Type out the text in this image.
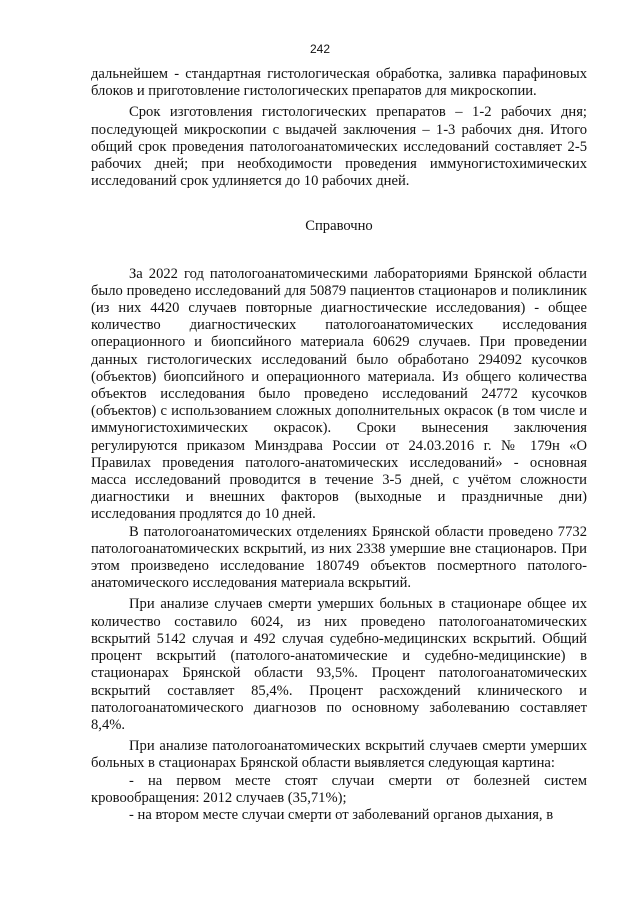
242

дальнейшем - стандартная гистологическая обработка, заливка парафиновых блоков и приготовление гистологических препаратов для микроскопии.

Срок изготовления гистологических препаратов – 1-2 рабочих дня; последующей микроскопии с выдачей заключения – 1-3 рабочих дня. Итого общий срок проведения патологоанатомических исследований составляет 2-5 рабочих дней; при необходимости проведения иммуногистохимических исследований срок удлиняется до 10 рабочих дней.

Справочно

За 2022 год патологоанатомическими лабораториями Брянской области было проведено исследований для 50879 пациентов стационаров и поликлиник (из них 4420 случаев повторные диагностические исследования) - общее количество диагностических патологоанатомических исследования операционного и биопсийного материала 60629 случаев. При проведении данных гистологических исследований было обработано 294092 кусочков (объектов) биопсийного и операционного материала. Из общего количества объектов исследования было проведено исследований 24772 кусочков (объектов) с использованием сложных дополнительных окрасок (в том числе и иммуногистохимических окрасок). Сроки вынесения заключения регулируются приказом Минздрава России от 24.03.2016 г. № 179н «О Правилах проведения патолого-анатомических исследований» - основная масса исследований проводится в течение 3-5 дней, с учётом сложности диагностики и внешних факторов (выходные и праздничные дни) исследования продлятся до 10 дней.

В патологоанатомических отделениях Брянской области проведено 7732 патологоанатомических вскрытий, из них 2338 умершие вне стационаров. При этом произведено исследование 180749 объектов посмертного патолого-анатомического исследования материала вскрытий.

При анализе случаев смерти умерших больных в стационаре общее их количество составило 6024, из них проведено патологоанатомических вскрытий 5142 случая и 492 случая судебно-медицинских вскрытий. Общий процент вскрытий (патолого-анатомические и судебно-медицинские) в стационарах Брянской области 93,5%. Процент патологоанатомических вскрытий составляет 85,4%. Процент расхождений клинического и патологоанатомического диагнозов по основному заболеванию составляет 8,4%.

При анализе патологоанатомических вскрытий случаев смерти умерших больных в стационарах Брянской области выявляется следующая картина:

- на первом месте стоят случаи смерти от болезней систем кровообращения: 2012 случаев (35,71%);

- на втором месте случаи смерти от заболеваний органов дыхания, в
